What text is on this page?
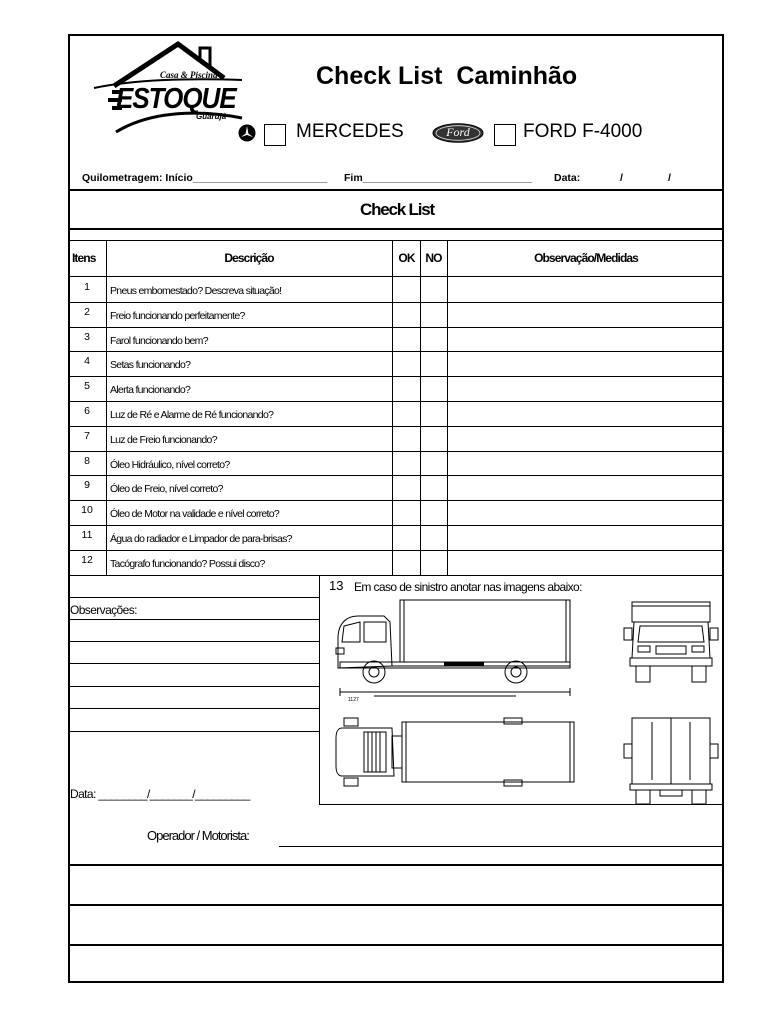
Casa & Piscina
ESTOQUE
Guarujá
Check List  Caminhão
MERCEDES	Ford	FORD F-4000
Quilometragem: Início_______________________ Fim_____________________________ Data:	/	/
Check List
Itens	Descrição	OK NO	Observação/Medidas
1	Pneus embomestado? Descreva situação!
2	Freio funcionando perfeitamente?
3	Farol funcionando bem?
4	Setas funcionando?
5	Alerta funcionando?
6	Luz de Ré e Alarme de Ré funcionando?
7	Luz de Freio funcionando?
8	Óleo Hidráulico, nível correto?
9	Óleo de Freio, nível correto?
10	Óleo de Motor na validade e nível correto?
11	Água do radiador e Limpador de para-brisas?
12	Tacógrafo funcionando? Possui disco?
Observações:
13 Em caso de sinistro anotar nas imagens abaixo:
Data: ________/_______/_________
Operador / Motorista:
1127
